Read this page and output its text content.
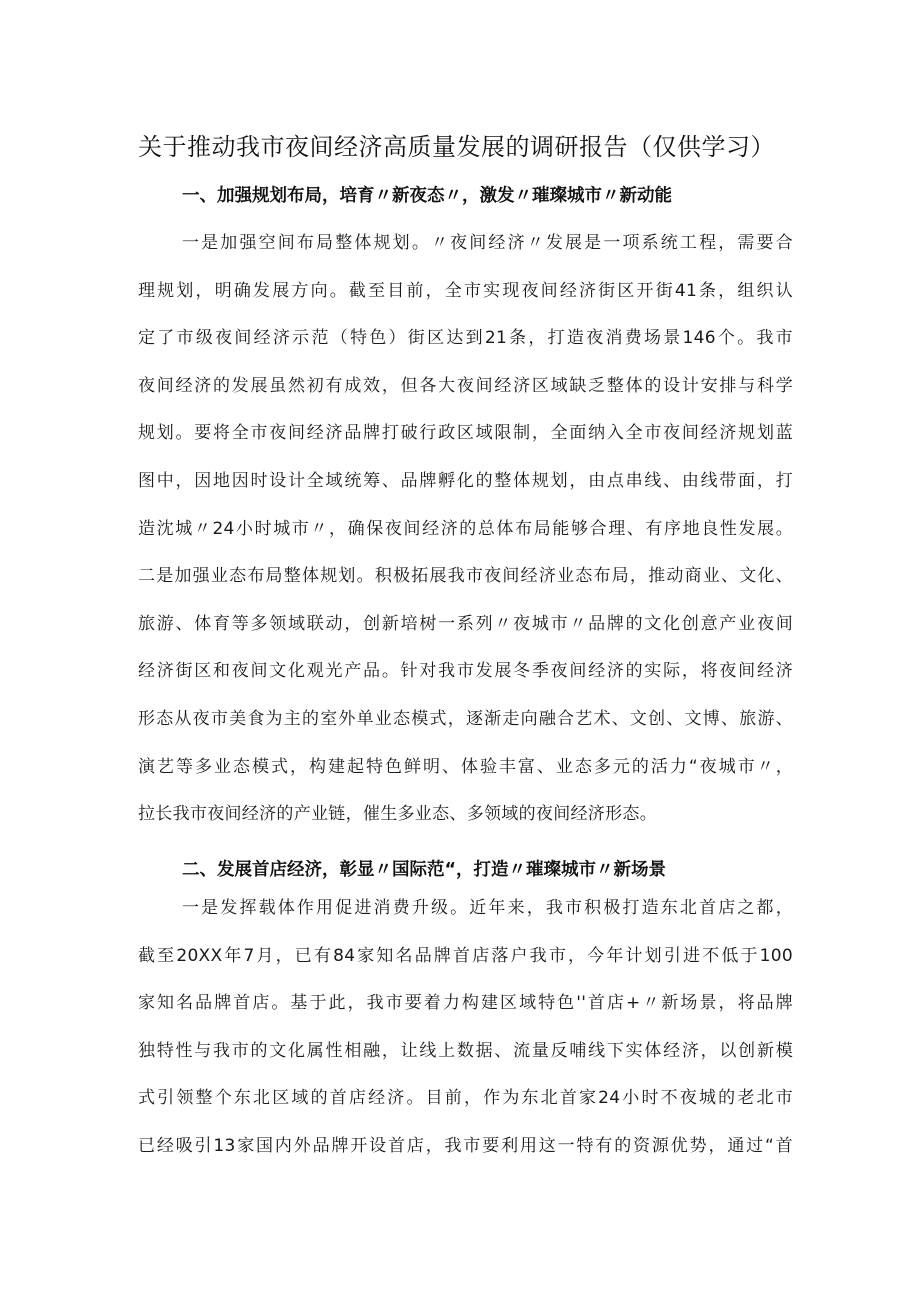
关于推动我市夜间经济高质量发展的调研报告（仅供学习）
一、加强规划布局，培育〃新夜态〃，激发〃璀璨城市〃新动能
一是加强空间布局整体规划。〃夜间经济〃发展是一项系统工程，需要合
理规划，明确发展方向。截至目前，全市实现夜间经济街区开街41条，组织认
定了市级夜间经济示范（特色）街区达到21条，打造夜消费场景146个。我市
夜间经济的发展虽然初有成效，但各大夜间经济区域缺乏整体的设计安排与科学
规划。要将全市夜间经济品牌打破行政区域限制，全面纳入全市夜间经济规划蓝
图中，因地因时设计全域统筹、品牌孵化的整体规划，由点串线、由线带面，打
造沈城〃24小时城市〃，确保夜间经济的总体布局能够合理、有序地良性发展。
二是加强业态布局整体规划。积极拓展我市夜间经济业态布局，推动商业、文化、
旅游、体育等多领域联动，创新培树一系列〃夜城市〃品牌的文化创意产业夜间
经济街区和夜间文化观光产品。针对我市发展冬季夜间经济的实际，将夜间经济
形态从夜市美食为主的室外单业态模式，逐渐走向融合艺术、文创、文博、旅游、
演艺等多业态模式，构建起特色鲜明、体验丰富、业态多元的活力“夜城市〃，
拉长我市夜间经济的产业链，催生多业态、多领域的夜间经济形态。
二、发展首店经济，彰显〃国际范“，打造〃璀璨城市〃新场景
一是发挥载体作用促进消费升级。近年来，我市积极打造东北首店之都，
截至20XX年7月，已有84家知名品牌首店落户我市，今年计划引进不低于100
家知名品牌首店。基于此，我市要着力构建区域特色''首店+〃新场景，将品牌
独特性与我市的文化属性相融，让线上数据、流量反哺线下实体经济，以创新模
式引领整个东北区域的首店经济。目前，作为东北首家24小时不夜城的老北市
已经吸引13家国内外品牌开设首店，我市要利用这一特有的资源优势，通过“首
